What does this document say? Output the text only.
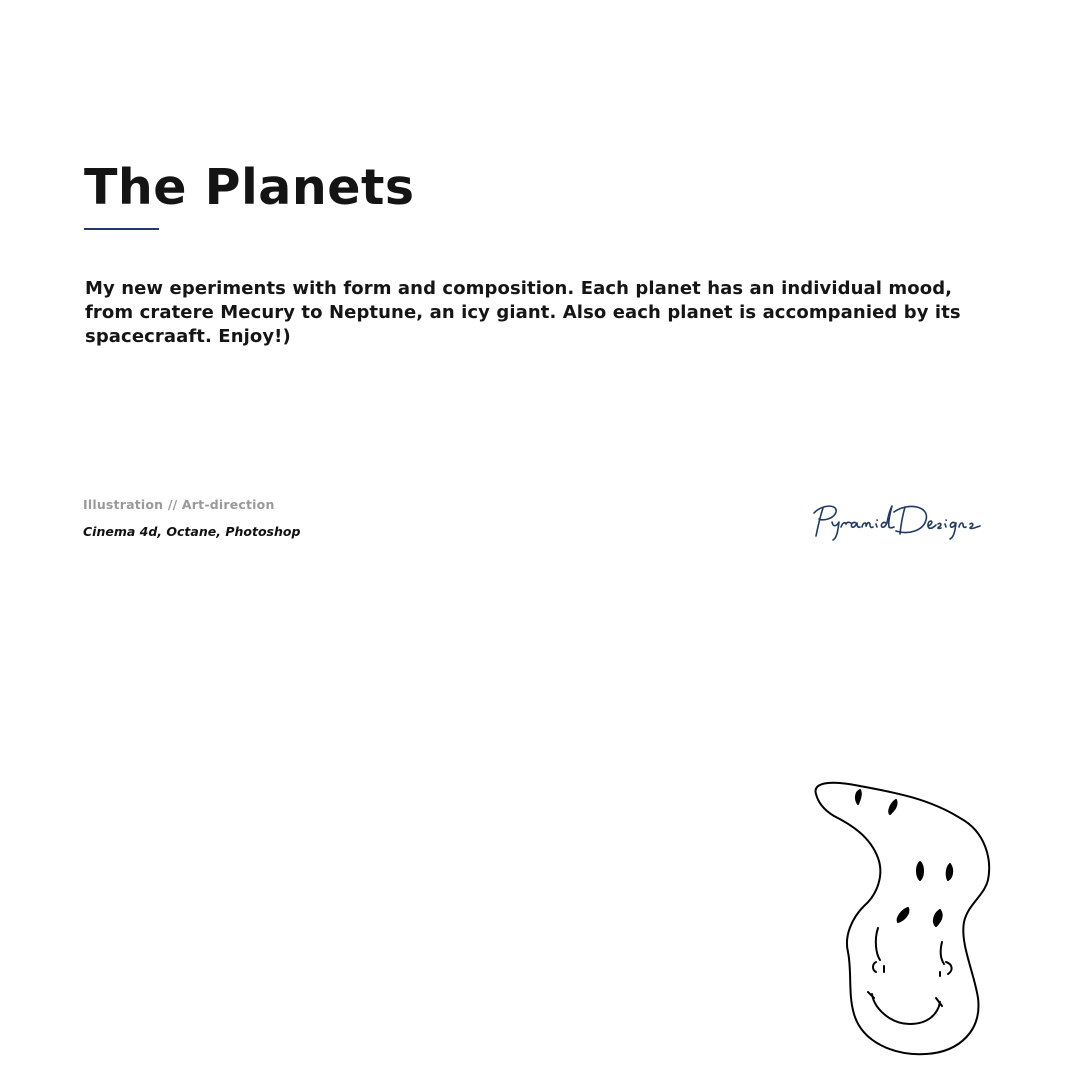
The Planets

My new eperiments with form and composition. Each planet has an individual mood, from cratere Mecury to Neptune, an icy giant. Also each planet is accompanied by its spacecraaft. Enjoy!)

Illustration // Art-direction

Cinema 4d, Octane, Photoshop
